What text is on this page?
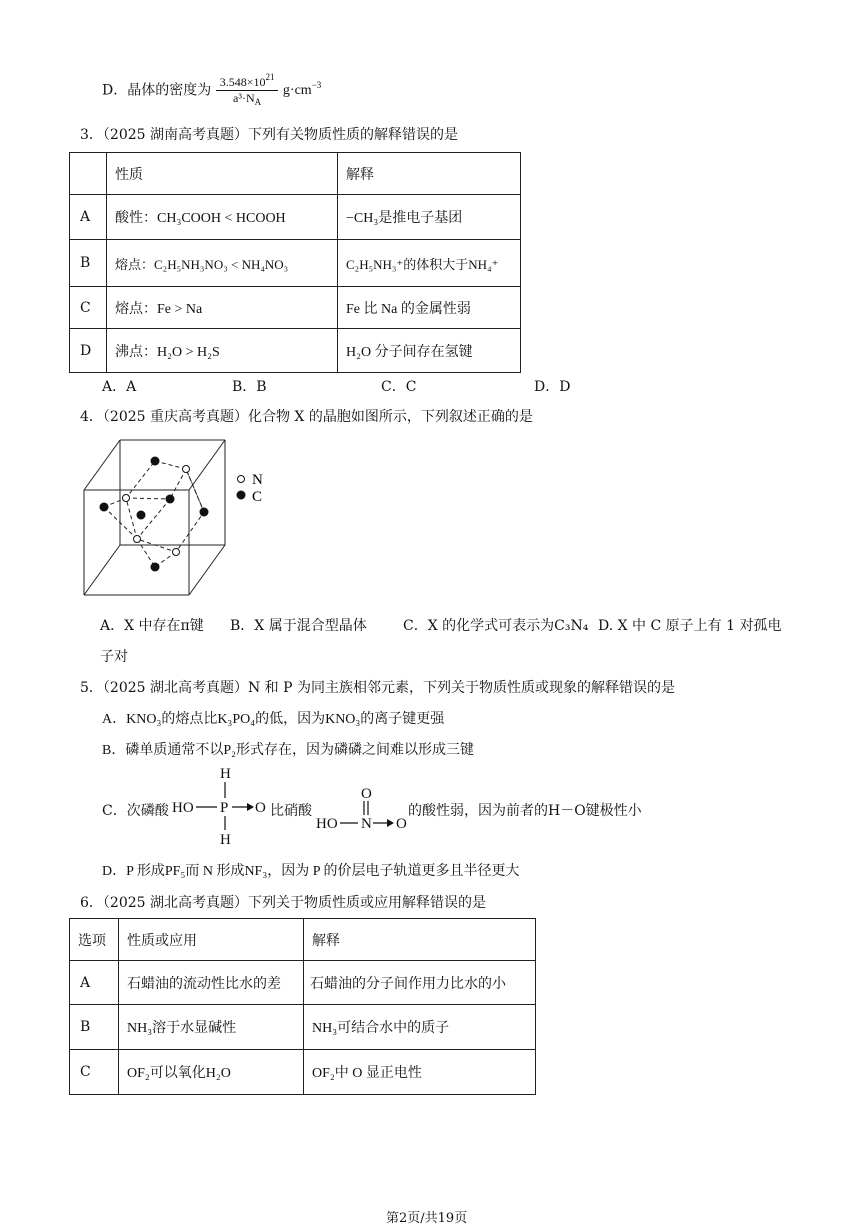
D．晶体的密度为 $\frac{3.548\times 10^{21}}{a^3\cdot N_A} g\cdot cm^{-3}$
3．（2025 湖南高考真题）下列有关物质性质的解释错误的是
	性质	解释
A	酸性：CH₃COOH < HCOOH	−CH₃是推电子基团
B	熔点：C₂H₅NH₃NO₃ < NH₄NO₃	C₂H₅NH₃⁺的体积大于NH₄⁺
C	熔点：Fe > Na	Fe 比 Na 的金属性弱
D	沸点：H₂O > H₂S	H₂O 分子间存在氢键
A．A	B．B	C．C	D．D
4．（2025 重庆高考真题）化合物 X 的晶胞如图所示，下列叙述正确的是
N
C
A．X 中存在π键 B．X 属于混合型晶体	C．X 的化学式可表示为C₃N₄ D. X 中 C 原子上有 1 对孤电
子对
5．（2025 湖北高考真题）N 和 P 为同主族相邻元素，下列关于物质性质或现象的解释错误的是
A．KNO₃的熔点比K₃PO₄的低，因为KNO₃的离子键更强
B．磷单质通常不以P₂形式存在，因为磷磷之间难以形成三键
C．次磷酸
H
HO P O
H
比硝酸
O
HO N O
的酸性弱，因为前者的H－O键极性小
D．P 形成PF₅而 N 形成NF₃，因为 P 的价层电子轨道更多且半径更大
6．（2025 湖北高考真题）下列关于物质性质或应用解释错误的是
选项	性质或应用	解释
A	石蜡油的流动性比水的差	石蜡油的分子间作用力比水的小
B	NH₃溶于水显碱性	NH₃可结合水中的质子
C	OF₂可以氧化H₂O	OF₂中 O 显正电性
第2页/共19页
